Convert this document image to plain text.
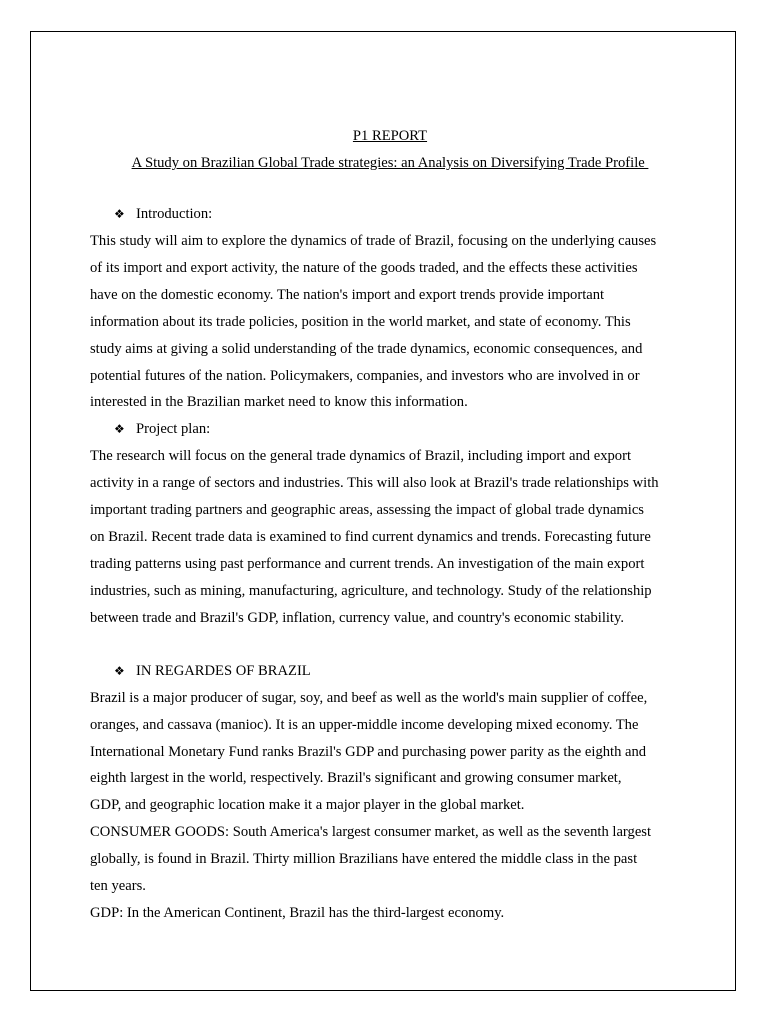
P1 REPORT

A Study on Brazilian Global Trade strategies: an Analysis on Diversifying Trade Profile

❖ Introduction:
This study will aim to explore the dynamics of trade of Brazil, focusing on the underlying causes
of its import and export activity, the nature of the goods traded, and the effects these activities
have on the domestic economy. The nation's import and export trends provide important
information about its trade policies, position in the world market, and state of economy. This
study aims at giving a solid understanding of the trade dynamics, economic consequences, and
potential futures of the nation. Policymakers, companies, and investors who are involved in or
interested in the Brazilian market need to know this information.
❖ Project plan:
The research will focus on the general trade dynamics of Brazil, including import and export
activity in a range of sectors and industries. This will also look at Brazil's trade relationships with
important trading partners and geographic areas, assessing the impact of global trade dynamics
on Brazil. Recent trade data is examined to find current dynamics and trends. Forecasting future
trading patterns using past performance and current trends. An investigation of the main export
industries, such as mining, manufacturing, agriculture, and technology. Study of the relationship
between trade and Brazil's GDP, inflation, currency value, and country's economic stability.
❖ IN REGARDES OF BRAZIL
Brazil is a major producer of sugar, soy, and beef as well as the world's main supplier of coffee,
oranges, and cassava (manioc). It is an upper-middle income developing mixed economy. The
International Monetary Fund ranks Brazil's GDP and purchasing power parity as the eighth and
eighth largest in the world, respectively. Brazil's significant and growing consumer market,
GDP, and geographic location make it a major player in the global market.
CONSUMER GOODS: South America's largest consumer market, as well as the seventh largest
globally, is found in Brazil. Thirty million Brazilians have entered the middle class in the past
ten years.
GDP: In the American Continent, Brazil has the third-largest economy.
